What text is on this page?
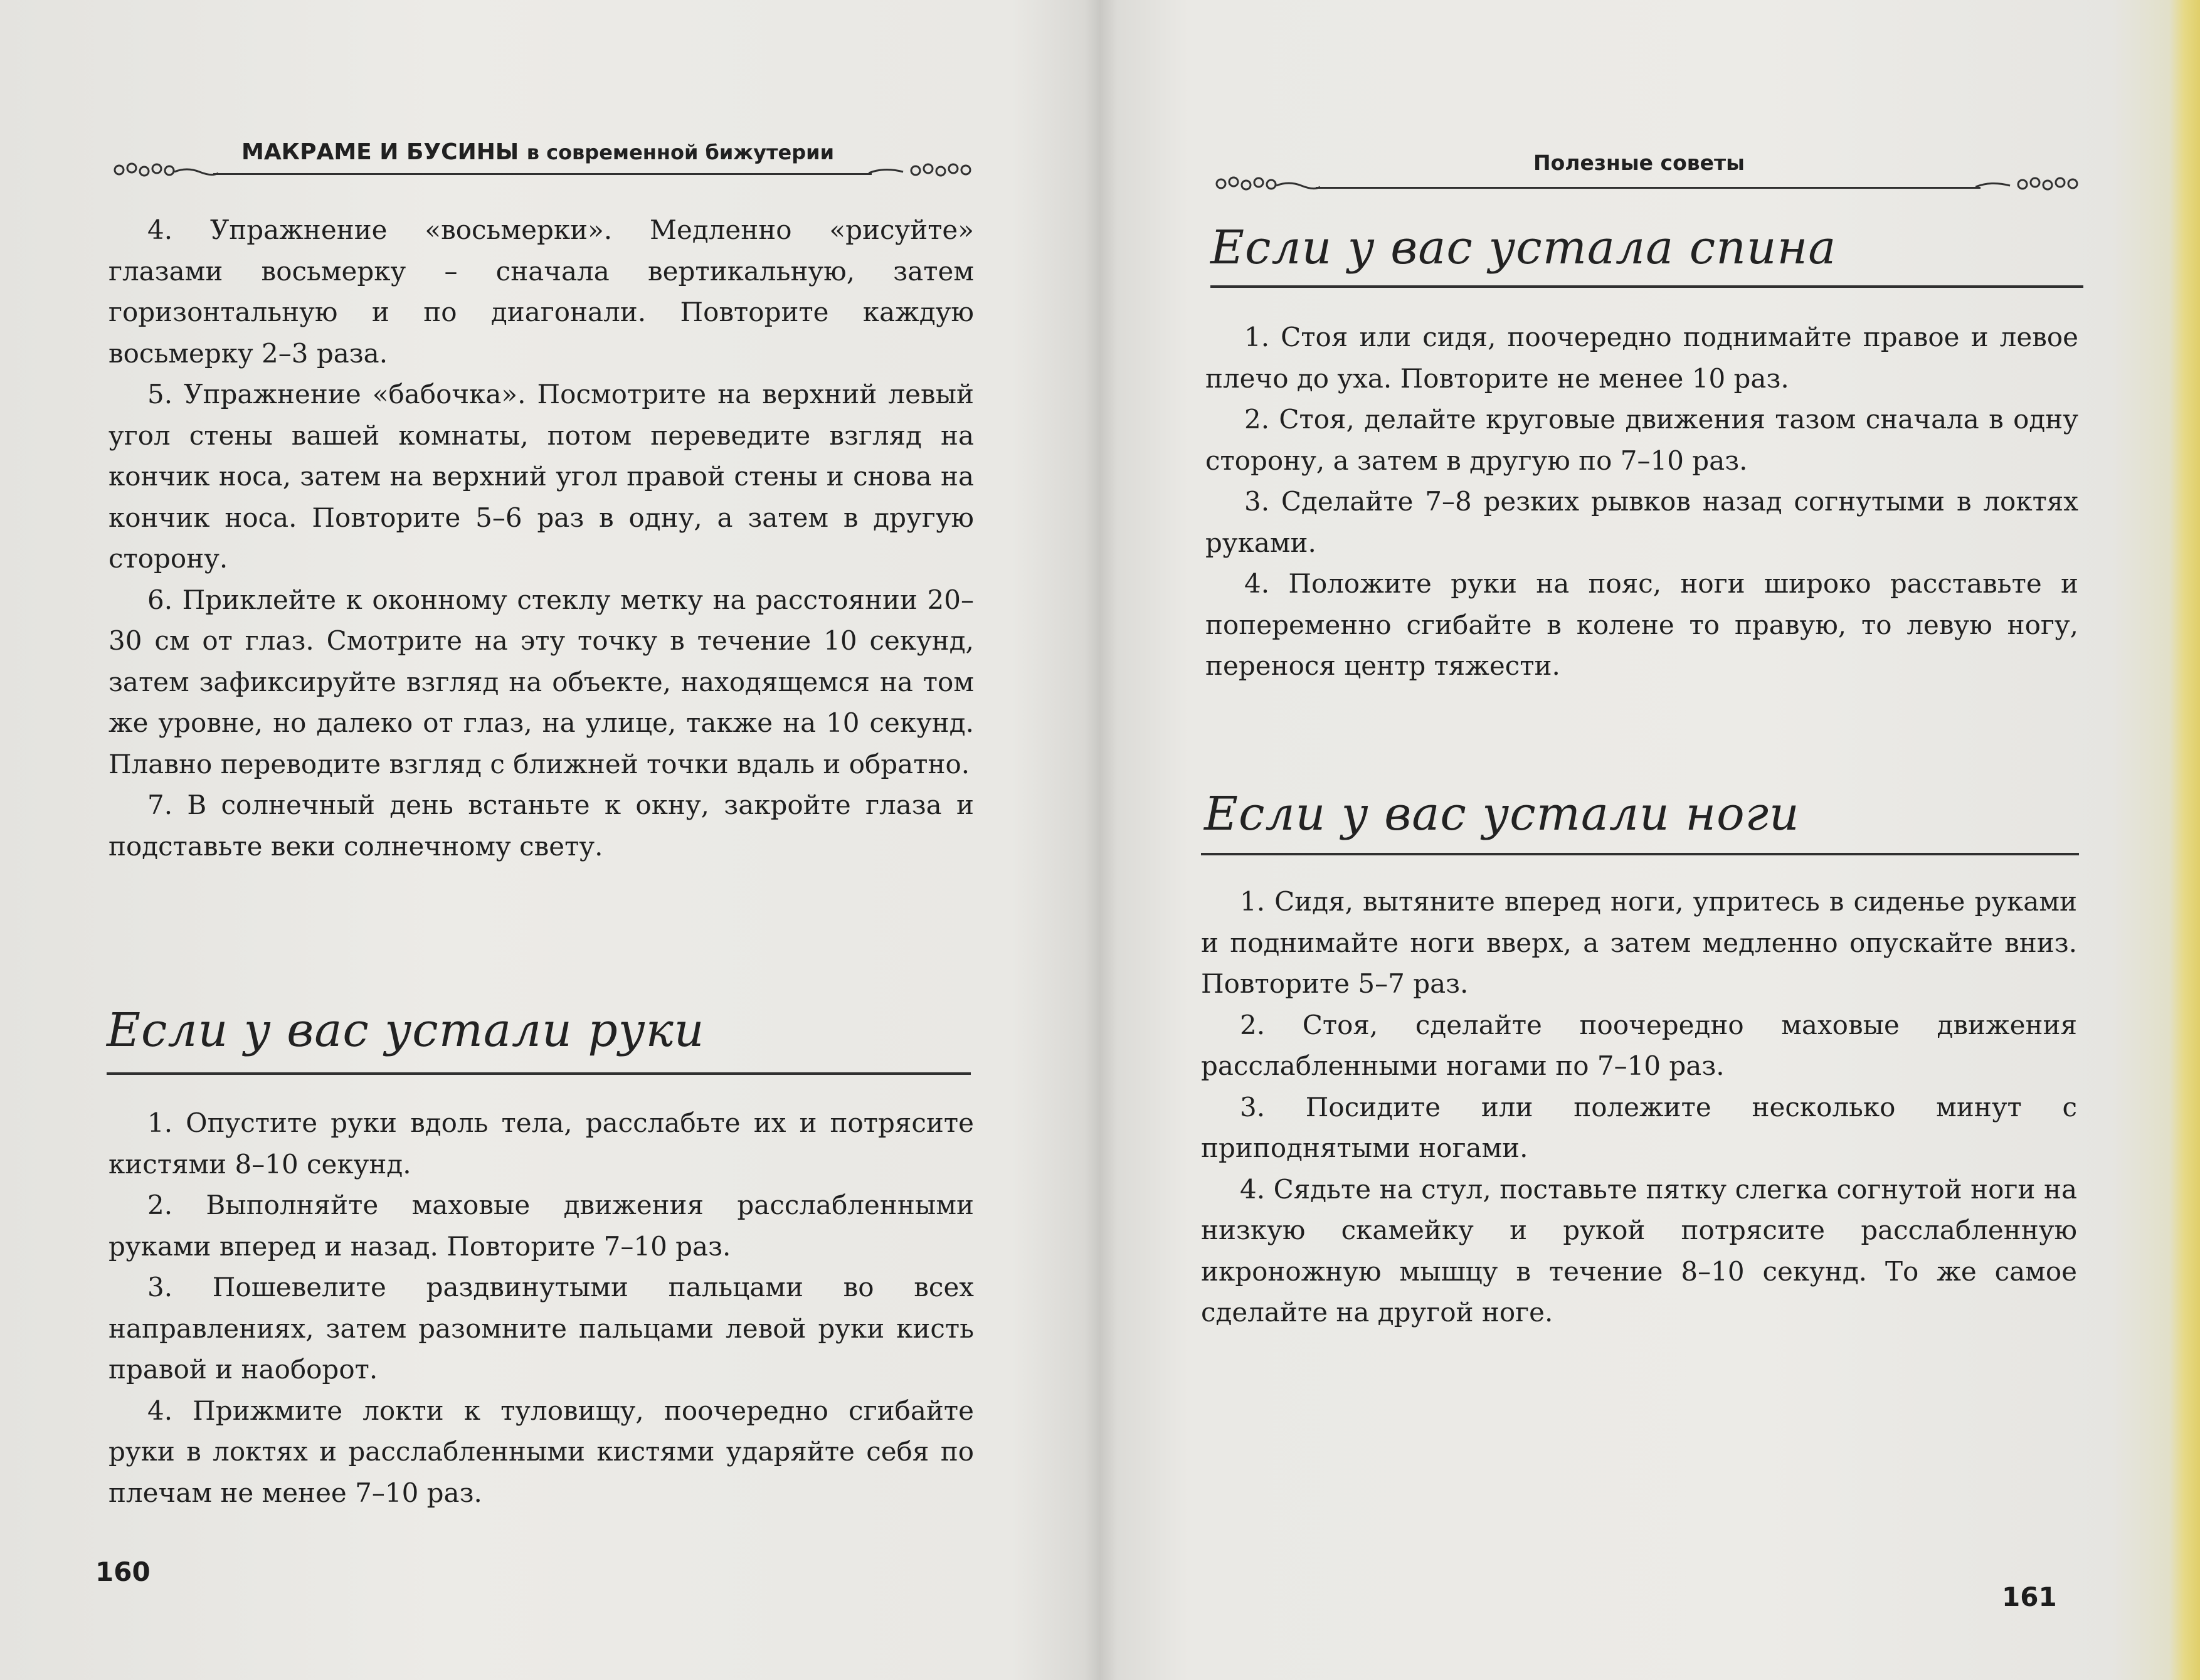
МАКРАМЕ И БУСИНЫ в современной бижутерии

4. Упражнение «восьмерки». Медленно «рисуйте» глазами восьмерку – сначала вертикальную, затем горизонтальную и по диагонали. Повторите каждую восьмерку 2–3 раза.

5. Упражнение «бабочка». Посмотрите на верхний левый угол стены вашей комнаты, потом переведите взгляд на кончик носа, затем на верхний угол правой стены и снова на кончик носа. Повторите 5–6 раз в одну, а затем в другую сторону.

6. Приклейте к оконному стеклу метку на расстоянии 20–30 см от глаз. Смотрите на эту точку в течение 10 секунд, затем зафиксируйте взгляд на объекте, находящемся на том же уровне, но далеко от глаз, на улице, также на 10 секунд. Плавно переводите взгляд с ближней точки вдаль и обратно.

7. В солнечный день встаньте к окну, закройте глаза и подставьте веки солнечному свету.

Если у вас устали руки

1. Опустите руки вдоль тела, расслабьте их и потрясите кистями 8–10 секунд.

2. Выполняйте маховые движения расслабленными руками вперед и назад. Повторите 7–10 раз.

3. Пошевелите раздвинутыми пальцами во всех направлениях, затем разомните пальцами левой руки кисть правой и наоборот.

4. Прижмите локти к туловищу, поочередно сгибайте руки в локтях и расслабленными кистями ударяйте себя по плечам не менее 7–10 раз.

160
Полезные советы
Если у вас устала спина

1. Стоя или сидя, поочередно поднимайте правое и левое плечо до уха. Повторите не менее 10 раз.

2. Стоя, делайте круговые движения тазом сначала в одну сторону, а затем в другую по 7–10 раз.

3. Сделайте 7–8 резких рывков назад согнутыми в локтях руками.

4. Положите руки на пояс, ноги широко расставьте и попеременно сгибайте в колене то правую, то левую ногу, перенося центр тяжести.

Если у вас устали ноги

1. Сидя, вытяните вперед ноги, упритесь в сиденье руками и поднимайте ноги вверх, а затем медленно опускайте вниз. Повторите 5–7 раз.

2. Стоя, сделайте поочередно маховые движения расслабленными ногами по 7–10 раз.

3. Посидите или полежите несколько минут с приподнятыми ногами.

4. Сядьте на стул, поставьте пятку слегка согнутой ноги на низкую скамейку и рукой потрясите расслабленную икроножную мышцу в течение 8–10 секунд. То же самое сделайте на другой ноге.

161
